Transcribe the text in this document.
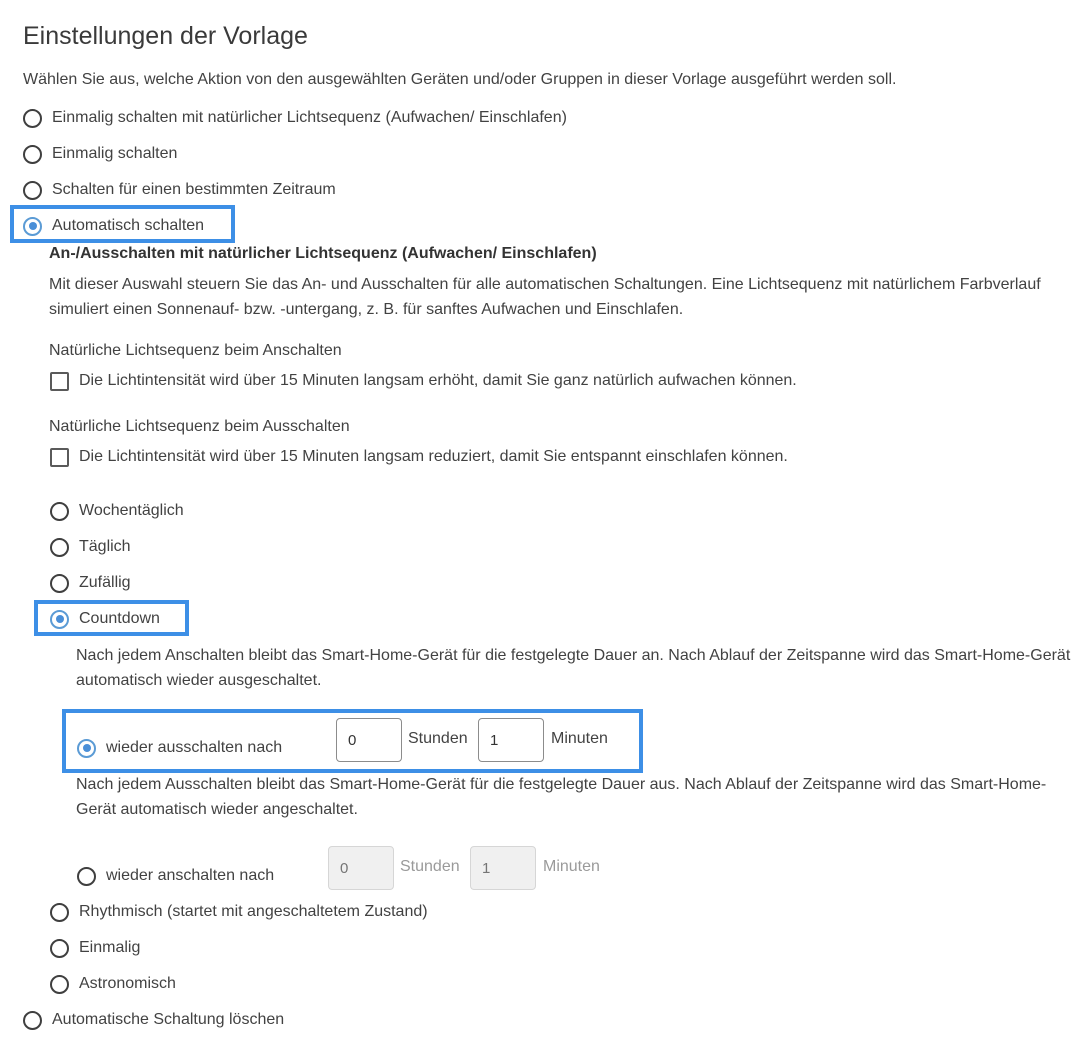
Einstellungen der Vorlage
Wählen Sie aus, welche Aktion von den ausgewählten Geräten und/oder Gruppen in dieser Vorlage ausgeführt werden soll.
Einmalig schalten mit natürlicher Lichtsequenz (Aufwachen/ Einschlafen)
Einmalig schalten
Schalten für einen bestimmten Zeitraum
Automatisch schalten
An-/Ausschalten mit natürlicher Lichtsequenz (Aufwachen/ Einschlafen)
Mit dieser Auswahl steuern Sie das An- und Ausschalten für alle automatischen Schaltungen. Eine Lichtsequenz mit natürlichem Farbverlauf simuliert einen Sonnenauf- bzw. -untergang, z. B. für sanftes Aufwachen und Einschlafen.
Natürliche Lichtsequenz beim Anschalten
Die Lichtintensität wird über 15 Minuten langsam erhöht, damit Sie ganz natürlich aufwachen können.
Natürliche Lichtsequenz beim Ausschalten
Die Lichtintensität wird über 15 Minuten langsam reduziert, damit Sie entspannt einschlafen können.
Wochentäglich
Täglich
Zufällig
Countdown
Nach jedem Anschalten bleibt das Smart-Home-Gerät für die festgelegte Dauer an. Nach Ablauf der Zeitspanne wird das Smart-Home-Gerät automatisch wieder ausgeschaltet.
wieder ausschalten nach
0
Stunden
1	Minuten
Nach jedem Ausschalten bleibt das Smart-Home-Gerät für die festgelegte Dauer aus. Nach Ablauf der Zeitspanne wird das Smart-Home-Gerät automatisch wieder angeschaltet.
wieder anschalten nach
0
Stunden
1	Minuten
Rhythmisch (startet mit angeschaltetem Zustand)
Einmalig
Astronomisch
Automatische Schaltung löschen
